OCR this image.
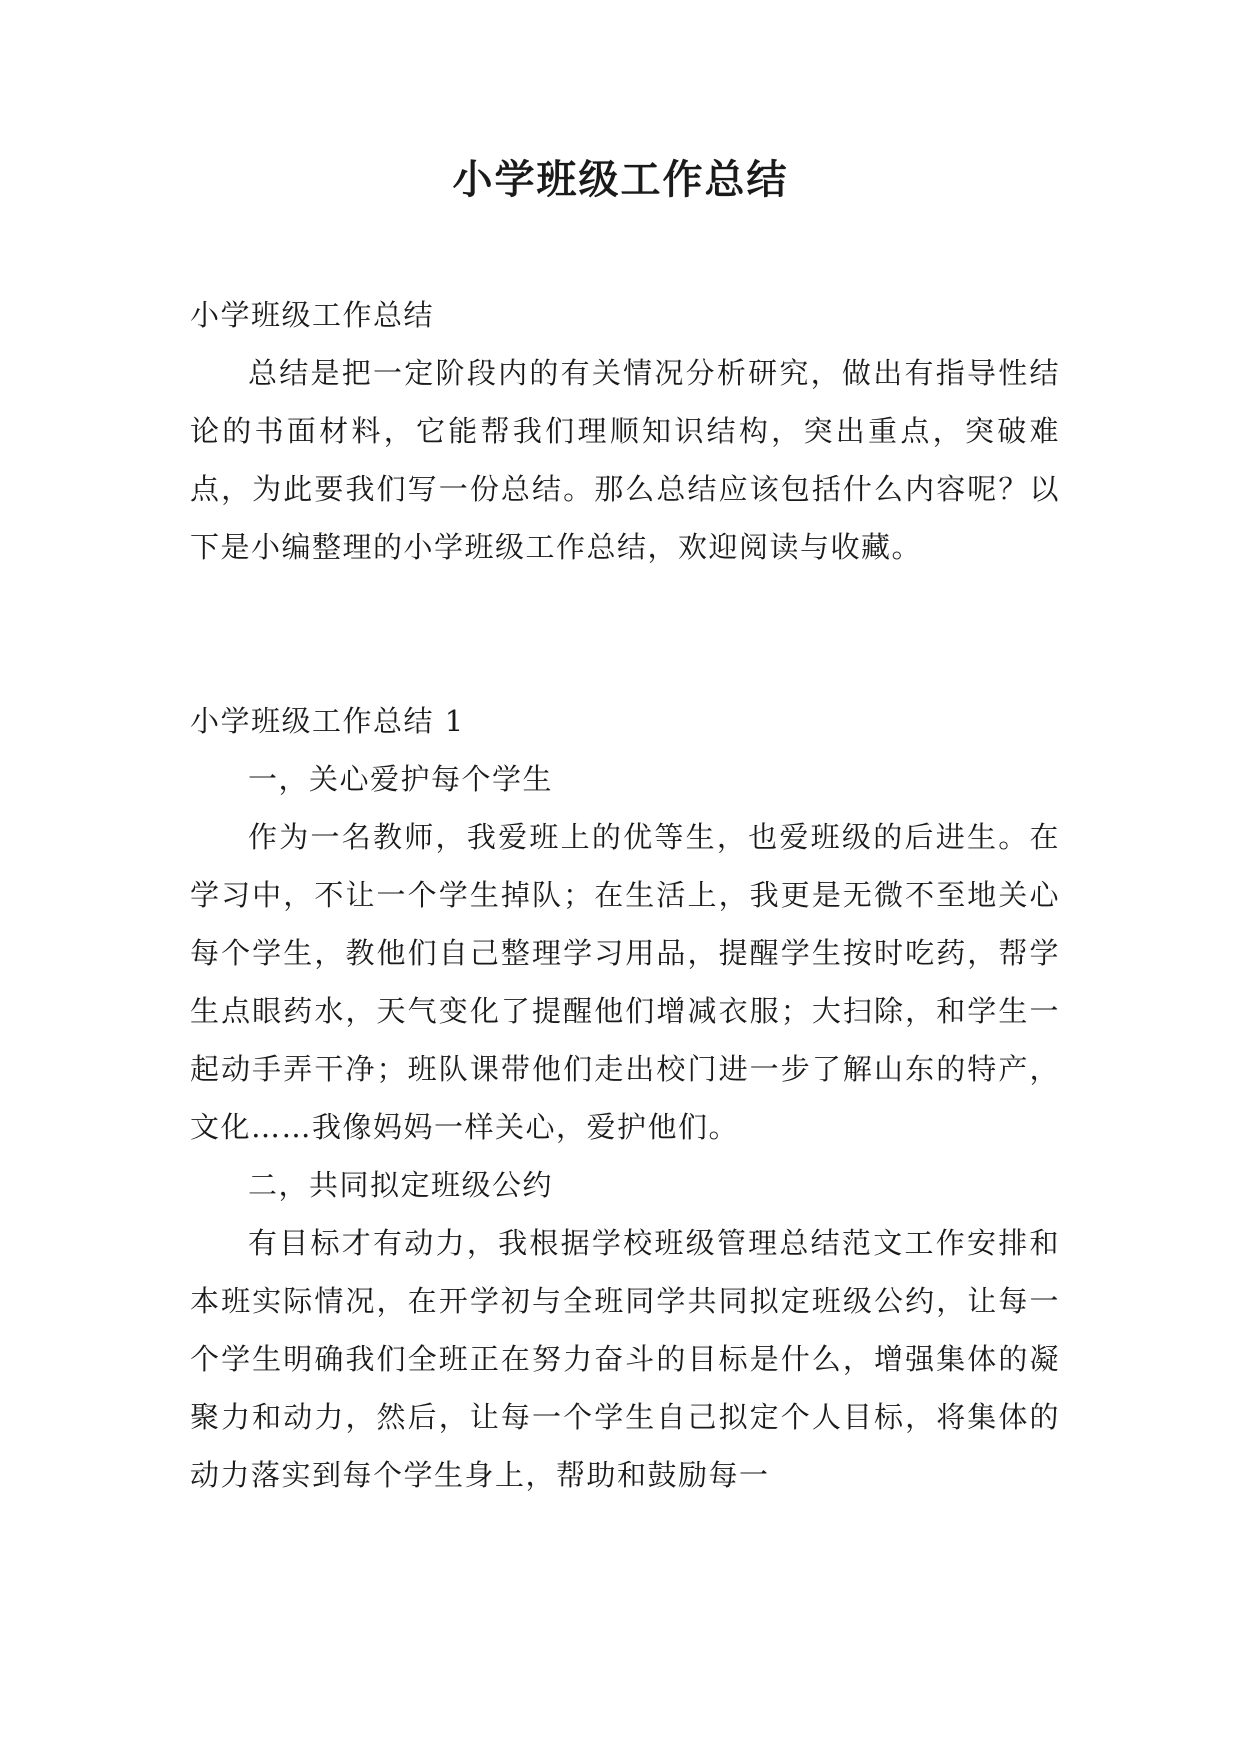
小学班级工作总结

小学班级工作总结

总结是把一定阶段内的有关情况分析研究，做出有指导性结论的书面材料，它能帮我们理顺知识结构，突出重点，突破难点，为此要我们写一份总结。那么总结应该包括什么内容呢？以下是小编整理的小学班级工作总结，欢迎阅读与收藏。

小学班级工作总结 1

一，关心爱护每个学生

作为一名教师，我爱班上的优等生，也爱班级的后进生。在学习中，不让一个学生掉队；在生活上，我更是无微不至地关心每个学生，教他们自己整理学习用品，提醒学生按时吃药，帮学生点眼药水，天气变化了提醒他们增减衣服；大扫除，和学生一起动手弄干净；班队课带他们走出校门进一步了解山东的特产，文化……我像妈妈一样关心，爱护他们。

二，共同拟定班级公约

有目标才有动力，我根据学校班级管理总结范文工作安排和本班实际情况，在开学初与全班同学共同拟定班级公约，让每一个学生明确我们全班正在努力奋斗的目标是什么，增强集体的凝聚力和动力，然后，让每一个学生自己拟定个人目标，将集体的动力落实到每个学生身上，帮助和鼓励每一
